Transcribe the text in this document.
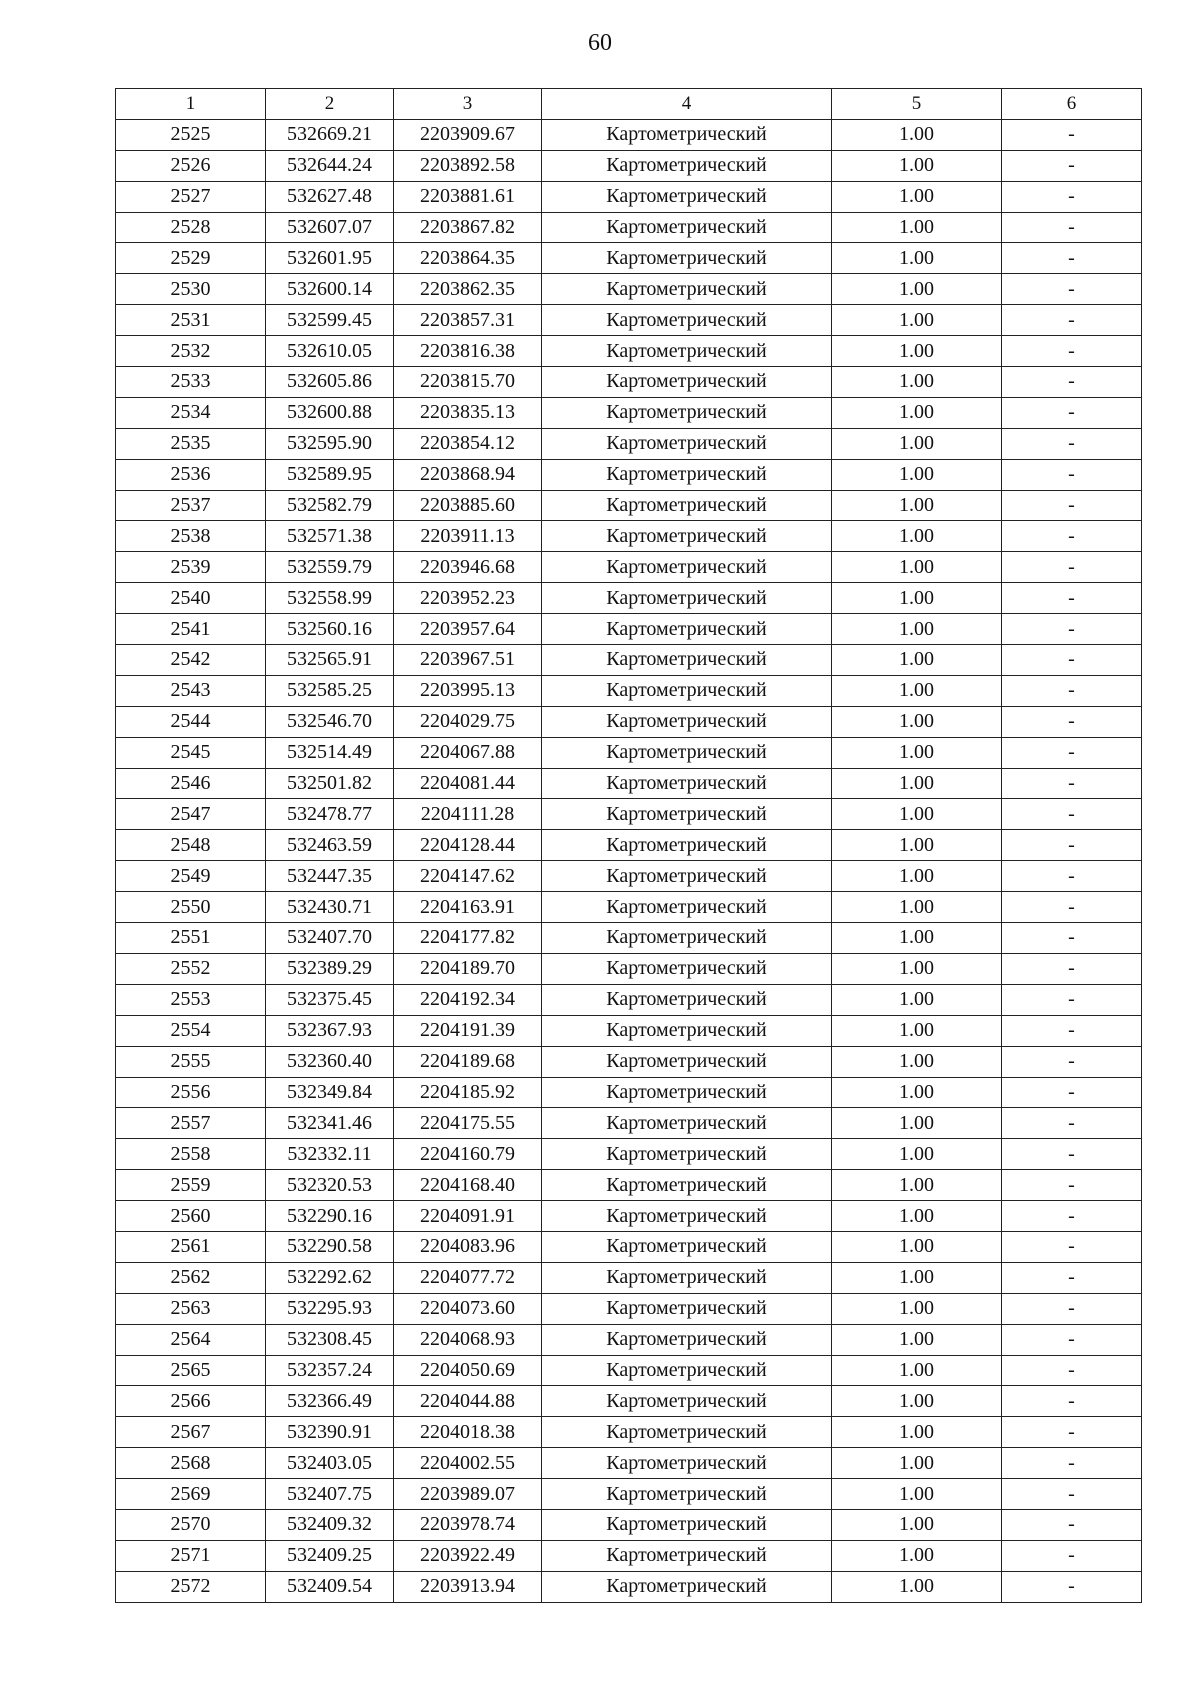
60
1	2	3	4	5	6
2525	532669.21	2203909.67	Картометрический	1.00	-
2526	532644.24	2203892.58	Картометрический	1.00	-
2527	532627.48	2203881.61	Картометрический	1.00	-
2528	532607.07	2203867.82	Картометрический	1.00	-
2529	532601.95	2203864.35	Картометрический	1.00	-
2530	532600.14	2203862.35	Картометрический	1.00	-
2531	532599.45	2203857.31	Картометрический	1.00	-
2532	532610.05	2203816.38	Картометрический	1.00	-
2533	532605.86	2203815.70	Картометрический	1.00	-
2534	532600.88	2203835.13	Картометрический	1.00	-
2535	532595.90	2203854.12	Картометрический	1.00	-
2536	532589.95	2203868.94	Картометрический	1.00	-
2537	532582.79	2203885.60	Картометрический	1.00	-
2538	532571.38	2203911.13	Картометрический	1.00	-
2539	532559.79	2203946.68	Картометрический	1.00	-
2540	532558.99	2203952.23	Картометрический	1.00	-
2541	532560.16	2203957.64	Картометрический	1.00	-
2542	532565.91	2203967.51	Картометрический	1.00	-
2543	532585.25	2203995.13	Картометрический	1.00	-
2544	532546.70	2204029.75	Картометрический	1.00	-
2545	532514.49	2204067.88	Картометрический	1.00	-
2546	532501.82	2204081.44	Картометрический	1.00	-
2547	532478.77	2204111.28	Картометрический	1.00	-
2548	532463.59	2204128.44	Картометрический	1.00	-
2549	532447.35	2204147.62	Картометрический	1.00	-
2550	532430.71	2204163.91	Картометрический	1.00	-
2551	532407.70	2204177.82	Картометрический	1.00	-
2552	532389.29	2204189.70	Картометрический	1.00	-
2553	532375.45	2204192.34	Картометрический	1.00	-
2554	532367.93	2204191.39	Картометрический	1.00	-
2555	532360.40	2204189.68	Картометрический	1.00	-
2556	532349.84	2204185.92	Картометрический	1.00	-
2557	532341.46	2204175.55	Картометрический	1.00	-
2558	532332.11	2204160.79	Картометрический	1.00	-
2559	532320.53	2204168.40	Картометрический	1.00	-
2560	532290.16	2204091.91	Картометрический	1.00	-
2561	532290.58	2204083.96	Картометрический	1.00	-
2562	532292.62	2204077.72	Картометрический	1.00	-
2563	532295.93	2204073.60	Картометрический	1.00	-
2564	532308.45	2204068.93	Картометрический	1.00	-
2565	532357.24	2204050.69	Картометрический	1.00	-
2566	532366.49	2204044.88	Картометрический	1.00	-
2567	532390.91	2204018.38	Картометрический	1.00	-
2568	532403.05	2204002.55	Картометрический	1.00	-
2569	532407.75	2203989.07	Картометрический	1.00	-
2570	532409.32	2203978.74	Картометрический	1.00	-
2571	532409.25	2203922.49	Картометрический	1.00	-
2572	532409.54	2203913.94	Картометрический	1.00	-
